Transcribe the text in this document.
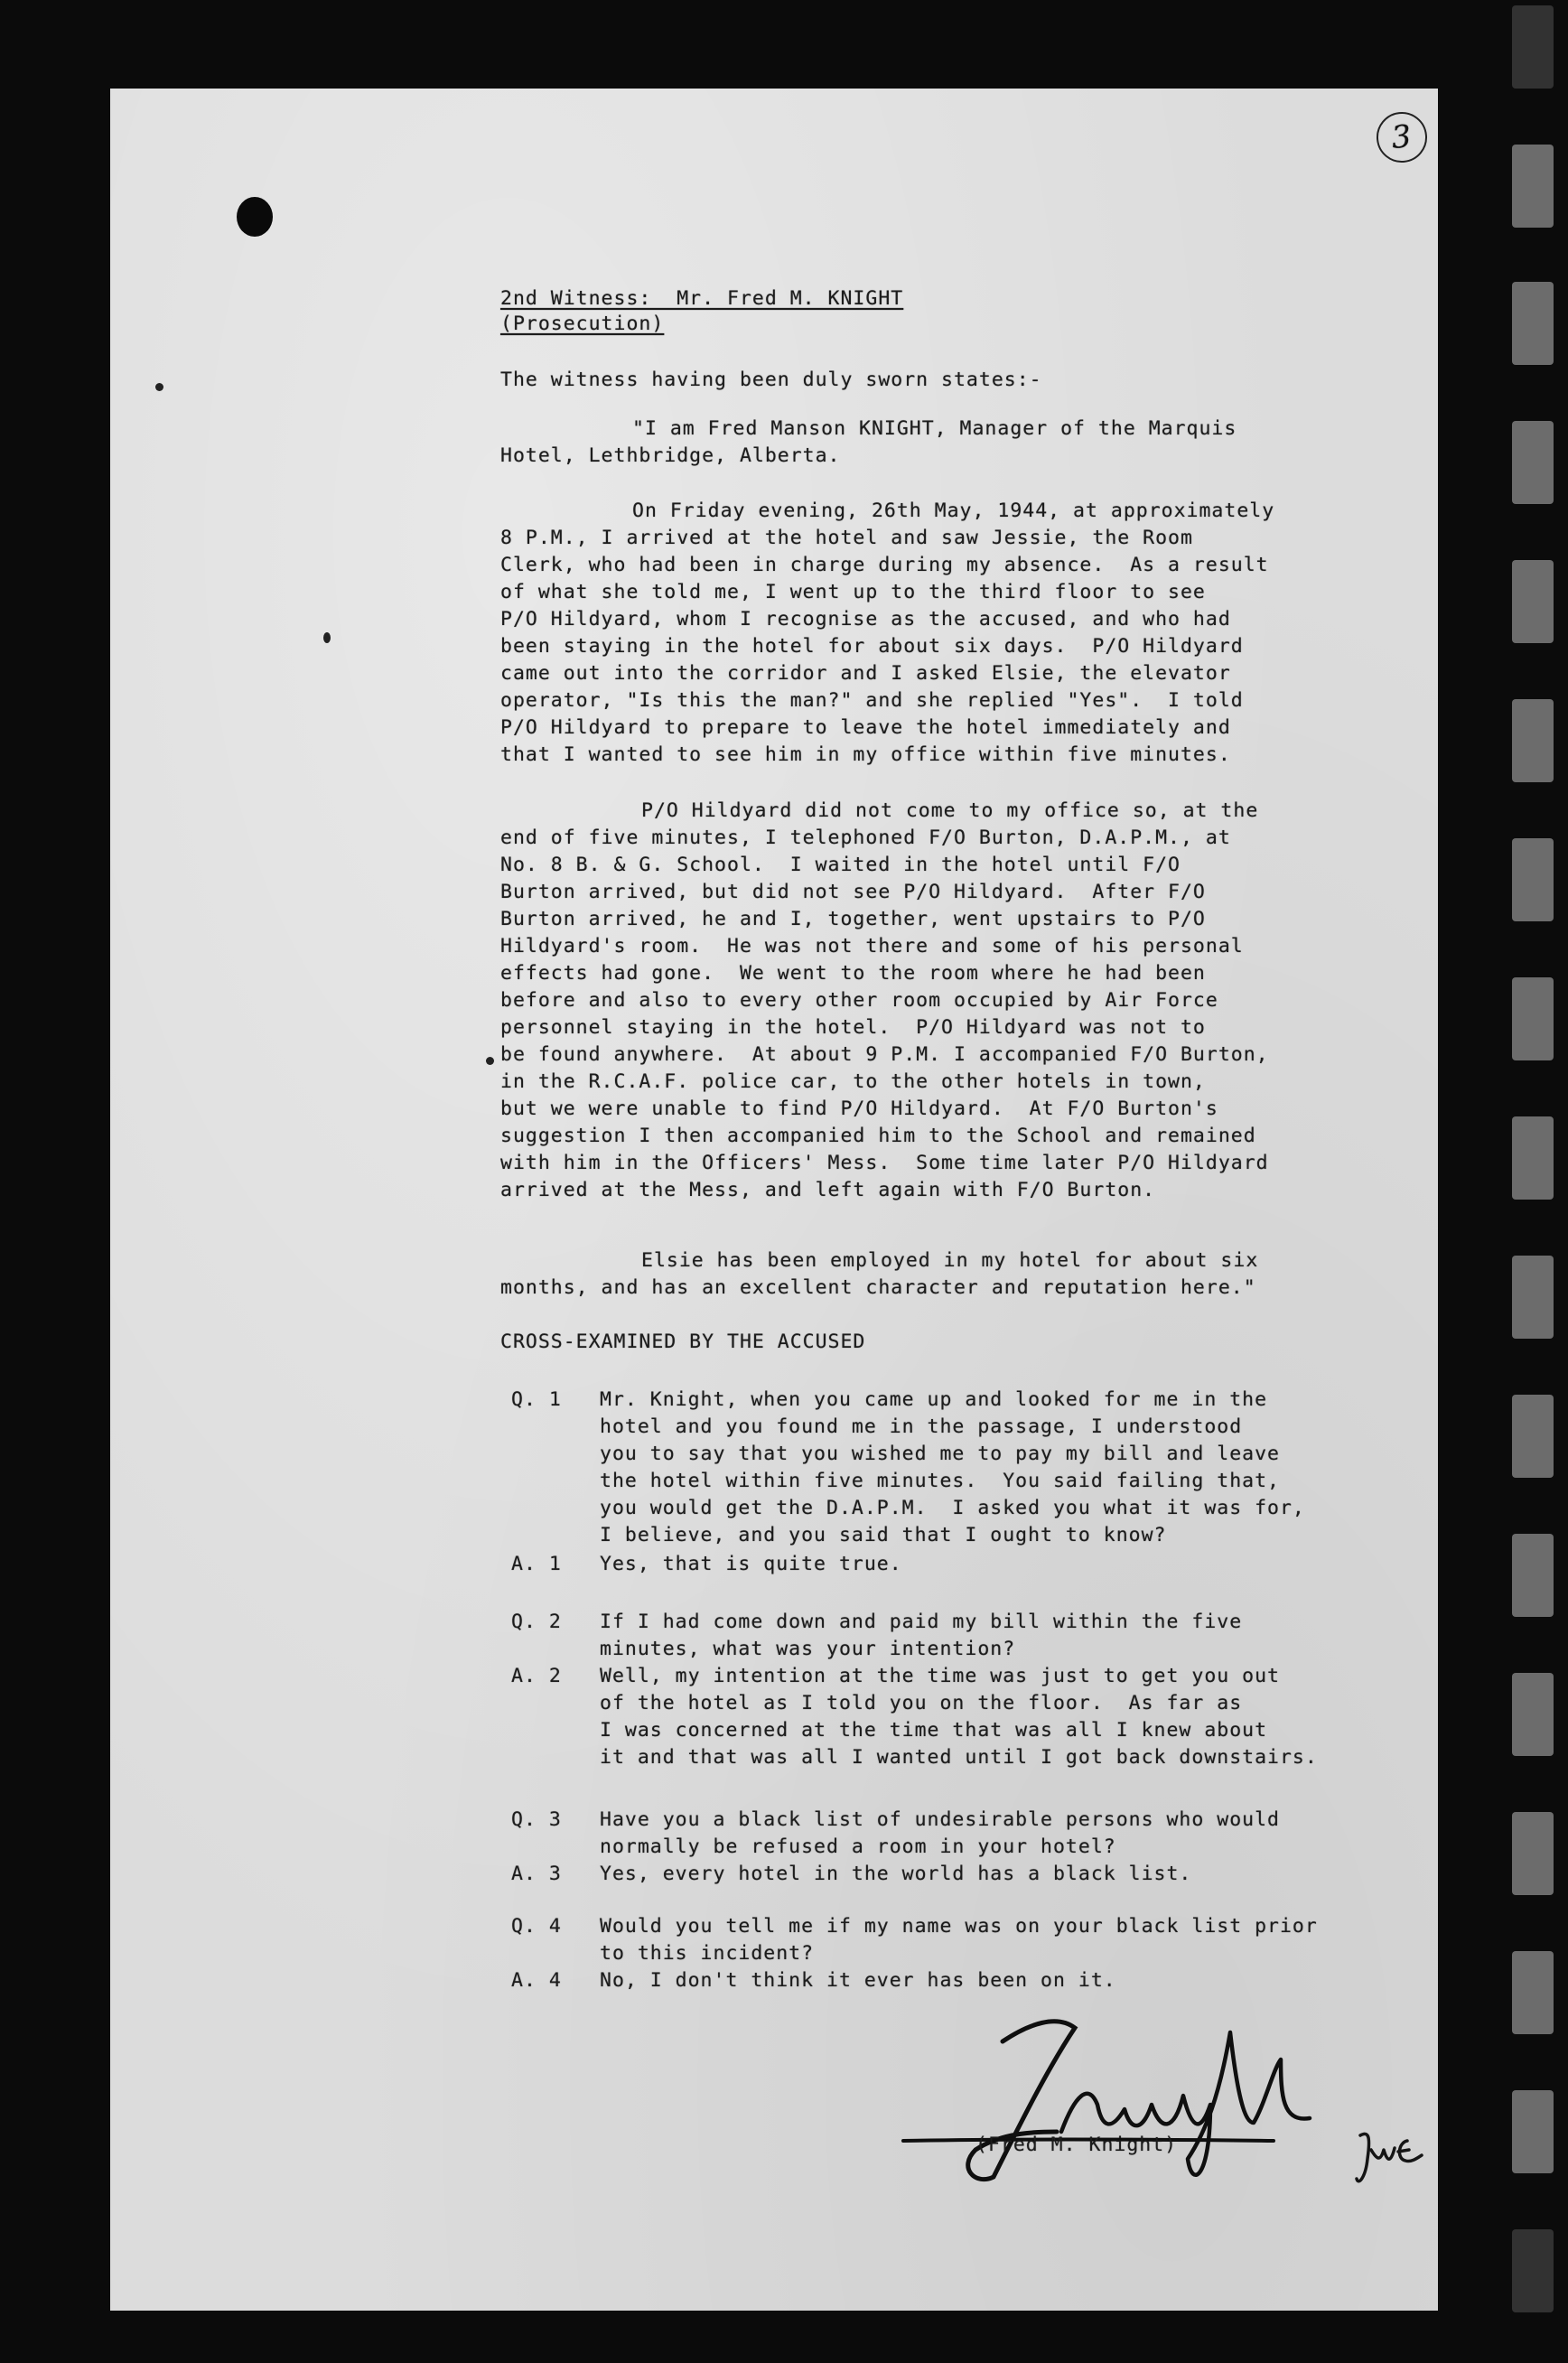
3
2nd Witness:  Mr. Fred M. KNIGHT
(Prosecution)
The witness having been duly sworn states:-
"I am Fred Manson KNIGHT, Manager of the Marquis
Hotel, Lethbridge, Alberta.
On Friday evening, 26th May, 1944, at approximately
8 P.M., I arrived at the hotel and saw Jessie, the Room
Clerk, who had been in charge during my absence.  As a result
of what she told me, I went up to the third floor to see
P/O Hildyard, whom I recognise as the accused, and who had
been staying in the hotel for about six days.  P/O Hildyard
came out into the corridor and I asked Elsie, the elevator
operator, "Is this the man?" and she replied "Yes".  I told
P/O Hildyard to prepare to leave the hotel immediately and
that I wanted to see him in my office within five minutes.
P/O Hildyard did not come to my office so, at the
end of five minutes, I telephoned F/O Burton, D.A.P.M., at
No. 8 B. & G. School.  I waited in the hotel until F/O
Burton arrived, but did not see P/O Hildyard.  After F/O
Burton arrived, he and I, together, went upstairs to P/O
Hildyard's room.  He was not there and some of his personal
effects had gone.  We went to the room where he had been
before and also to every other room occupied by Air Force
personnel staying in the hotel.  P/O Hildyard was not to
be found anywhere.  At about 9 P.M. I accompanied F/O Burton,
in the R.C.A.F. police car, to the other hotels in town,
but we were unable to find P/O Hildyard.  At F/O Burton's
suggestion I then accompanied him to the School and remained
with him in the Officers' Mess.  Some time later P/O Hildyard
arrived at the Mess, and left again with F/O Burton.
Elsie has been employed in my hotel for about six
months, and has an excellent character and reputation here."
CROSS-EXAMINED BY THE ACCUSED
Q. 1 Mr. Knight, when you came up and looked for me in the
hotel and you found me in the passage, I understood
you to say that you wished me to pay my bill and leave
the hotel within five minutes.  You said failing that,
you would get the D.A.P.M.  I asked you what it was for,
I believe, and you said that I ought to know?
A. 1 Yes, that is quite true.
Q. 2 If I had come down and paid my bill within the five
minutes, what was your intention?
A. 2 Well, my intention at the time was just to get you out
of the hotel as I told you on the floor.  As far as
I was concerned at the time that was all I knew about
it and that was all I wanted until I got back downstairs.
Q. 3 Have you a black list of undesirable persons who would
normally be refused a room in your hotel?
A. 3 Yes, every hotel in the world has a black list.
Q. 4 Would you tell me if my name was on your black list prior
to this incident?
A. 4 No, I don't think it ever has been on it.
(Fred M. Knight)
